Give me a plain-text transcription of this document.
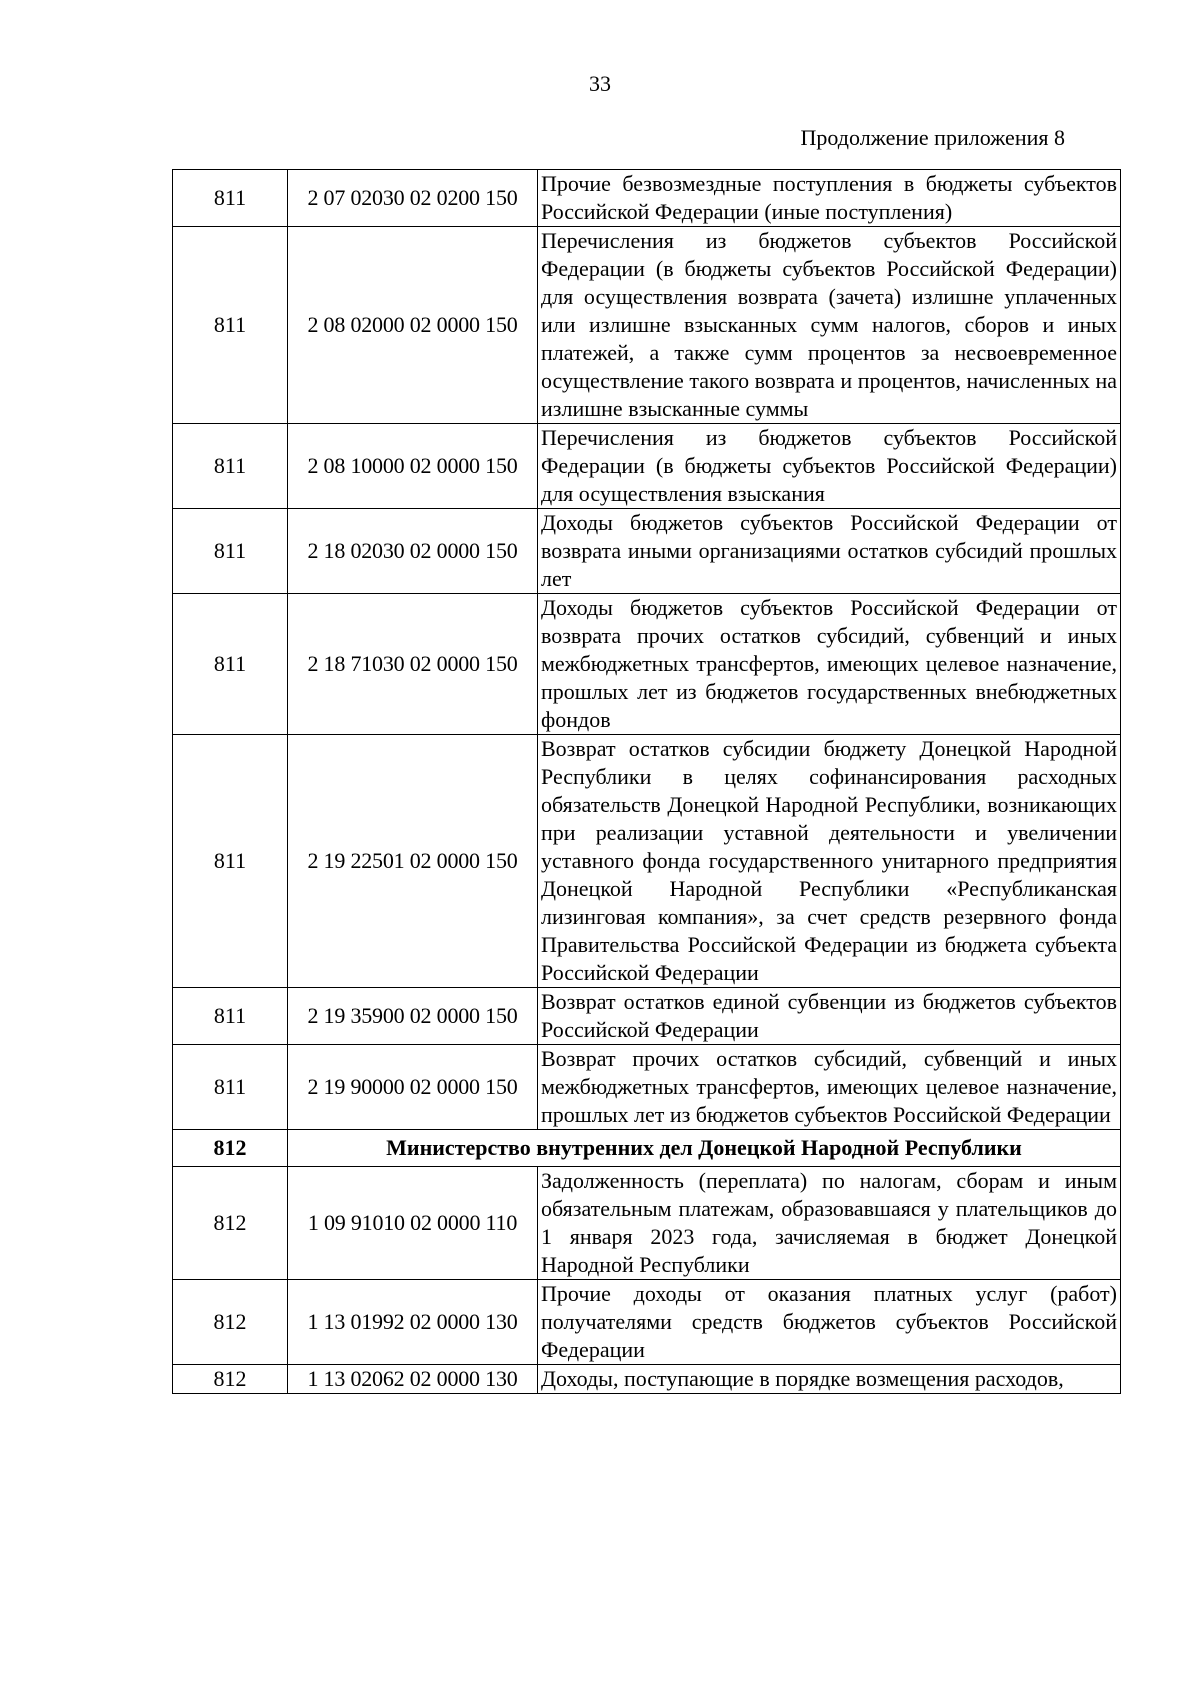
33
Продолжение приложения 8
811	2 07 02030 02 0200 150	Прочие безвозмездные поступления в бюджеты субъектов Российской Федерации (иные поступления)
811	2 08 02000 02 0000 150	Перечисления из бюджетов субъектов Российской Федерации (в бюджеты субъектов Российской Федерации) для осуществления возврата (зачета) излишне уплаченных или излишне взысканных сумм налогов, сборов и иных платежей, а также сумм процентов за несвоевременное осуществление такого возврата и процентов, начисленных на излишне взысканные суммы
811	2 08 10000 02 0000 150	Перечисления из бюджетов субъектов Российской Федерации (в бюджеты субъектов Российской Федерации) для осуществления взыскания
811	2 18 02030 02 0000 150	Доходы бюджетов субъектов Российской Федерации от возврата иными организациями остатков субсидий прошлых лет
811	2 18 71030 02 0000 150	Доходы бюджетов субъектов Российской Федерации от возврата прочих остатков субсидий, субвенций и иных межбюджетных трансфертов, имеющих целевое назначение, прошлых лет из бюджетов государственных внебюджетных фондов
811	2 19 22501 02 0000 150	Возврат остатков субсидии бюджету Донецкой Народной Республики в целях софинансирования расходных обязательств Донецкой Народной Республики, возникающих при реализации уставной деятельности и увеличении уставного фонда государственного унитарного предприятия Донецкой Народной Республики «Республиканская лизинговая компания», за счет средств резервного фонда Правительства Российской Федерации из бюджета субъекта Российской Федерации
811	2 19 35900 02 0000 150	Возврат остатков единой субвенции из бюджетов субъектов Российской Федерации
811	2 19 90000 02 0000 150	Возврат прочих остатков субсидий, субвенций и иных межбюджетных трансфертов, имеющих целевое назначение, прошлых лет из бюджетов субъектов Российской Федерации
812	Министерство внутренних дел Донецкой Народной Республики	
812	1 09 91010 02 0000 110	Задолженность (переплата) по налогам, сборам и иным обязательным платежам, образовавшаяся у плательщиков до 1 января 2023 года, зачисляемая в бюджет Донецкой Народной Республики
812	1 13 01992 02 0000 130	Прочие доходы от оказания платных услуг (работ) получателями средств бюджетов субъектов Российской Федерации
812	1 13 02062 02 0000 130	Доходы, поступающие в порядке возмещения расходов,
